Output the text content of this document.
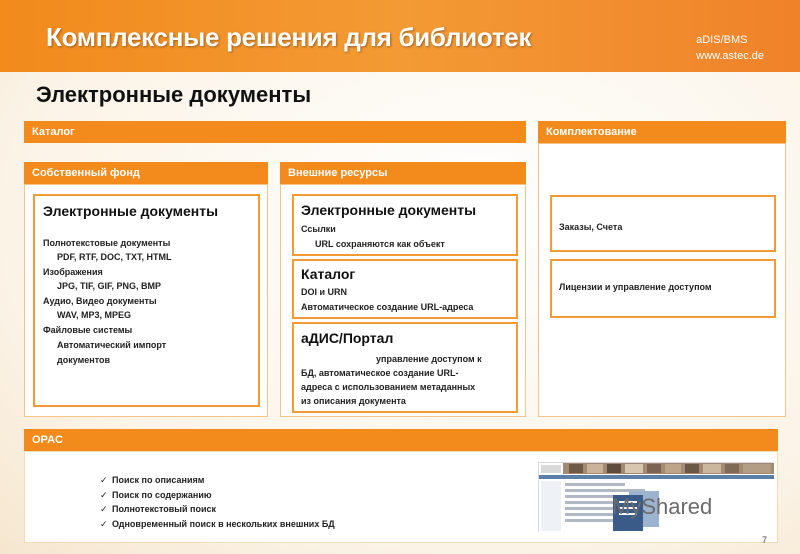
Комплексные решения для библиотек	aDIS/BMS
www.astec.de
Электронные документы
Каталог	Комплектование
Заказы, Счета
Лицензии и управление доступом
Собственный фонд
Электронные документы
Полнотекстовые документы
PDF, RTF, DOC, TXT, HTML
Изображения
JPG, TIF, GIF, PNG, BMP
Аудио, Видео документы
WAV, MP3, MPEG
Файловые системы
Автоматический импорт
документов
Внешние ресурсы
Электронные документы
Ссылки
URL сохраняются как объект
Каталог
DOI и URN
Автоматическое создание URL-адреса
аДИС/Портал
управление доступом к
БД, автоматическое создание URL-
адреса с использованием метаданных
из описания документа
OPAC
✓ Поиск по описаниям
✓ Поиск по содержанию
✓ Полнотекстовый поиск
✓ Одновременный поиск в нескольких внешних БД
MyShared
7
